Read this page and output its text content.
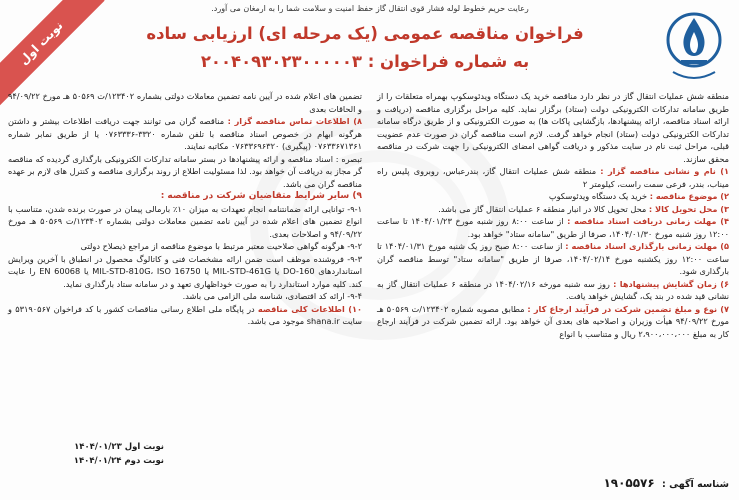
رعایت حریم خطوط لوله فشار قوی انتقال گاز حفظ امنیت و سلامت شما را به ارمغان می آورد.
نوبت اول	فراخوان مناقصه عمومی (یک مرحله ای) ارزیابی ساده
به شماره فراخوان : ۲۰۰۴۰۹۳۰۲۳۰۰۰۰۰۳
منطقه شش عملیات انتقال گاز در نظر دارد مناقصه خرید یک دستگاه ویدئوسکوپ بهمراه متعلقات را از طریق سامانه تدارکات الکترونیکی دولت (ستاد) برگزار نماید. کلیه مراحل برگزاری مناقصه (دریافت و ارائه اسناد مناقصه، ارائه پیشنهادها، بازگشایی پاکات ها) به صورت الکترونیکی و از طریق درگاه سامانه تدارکات الکترونیکی دولت (ستاد) انجام خواهد گرفت. لازم است مناقصه گران در صورت عدم عضویت قبلی، مراحل ثبت نام در سایت مذکور و دریافت گواهی امضای الکترونیکی را جهت شرکت در مناقصه محقق سازند.
۱) نام و نشانی مناقصه گزار : منطقه شش عملیات انتقال گاز، بندرعباس، روبروی پلیس راه میناب، بندر، فرعی سمت راست، کیلومتر ۲
۲) موضوع مناقصه : خرید یک دستگاه ویدئوسکوپ
۳) محل تحویل کالا : محل تحویل کالا در انبار منطقه ۶ عملیات انتقال گاز می باشد.
۴) مهلت زمانی دریافت اسناد مناقصه : از ساعت ۸:۰۰ روز شنبه مورخ ۱۴۰۴/۰۱/۲۳ تا ساعت ۱۲:۰۰ روز شنبه مورخ ۱۴۰۴/۰۱/۳۰، صرفا از طریق "سامانه ستاد" خواهد بود.
۵) مهلت زمانی بارگذاری اسناد مناقصه : از ساعت ۸:۰۰ صبح روز یک شنبه مورخ ۱۴۰۴/۰۱/۳۱ تا ساعت ۱۲:۰۰ روز یکشنبه مورخ ۱۴۰۴/۰۲/۱۴، صرفا از طریق "سامانه ستاد" توسط مناقصه گران بارگذاری شود.
۶) زمان گشایش پیشنهادها : روز سه شنبه مورخه ۱۴۰۴/۰۲/۱۶ در منطقه ۶ عملیات انتقال گاز به نشانی قید شده در بند یک، گشایش خواهد یافت.
۷) نوع و مبلغ تضمین شرکت در فرآیند ارجاع کار : مطابق مصوبه شماره ۱۲۳۴۰۲/ت ۵۰۵۶۹ هـ مورخ ۹۴/۰۹/۲۲ هیأت وزیران و اصلاحیه های بعدی آن خواهد بود. ارائه تضمین شرکت در فرآیند ارجاع کار به مبلغ ۲،۹۰۰،۰۰۰،۰۰۰ ریال و متناسب با انواع
تضمین های اعلام شده در آیین نامه تضمین معاملات دولتی بشماره ۱۲۳۴۰۲/ت ۵۰۵۶۹ هـ مورخ ۹۴/۰۹/۲۲ و الحاقات بعدی
۸) اطلاعات تماس مناقصه گزار : مناقصه گران می توانند جهت دریافت اطلاعات بیشتر و داشتن هرگونه ابهام در خصوص اسناد مناقصه با تلفن شماره ۳۳۲۰-۰۷۶۳۳۳۶ یا از طریق نمابر شماره ۰۷۶۳۳۶۷۱۳۶۱ (پیگیری) ۰۷۶۳۳۶۹۶۳۲۰ مکاتبه نمایند.
تبصره : اسناد مناقصه و ارائه پیشنهادها در بستر سامانه تدارکات الکترونیکی بارگذاری گردیده که مناقصه گر مجاز به دریافت آن خواهد بود. لذا مسئولیت اطلاع از روند برگزاری مناقصه و کنترل های لازم بر عهده مناقصه گران می باشد.
۹) سایر شرایط متقاضیان شرکت در مناقصه :
۹-۱- توانایی ارائه ضمانتنامه انجام تعهدات به میزان ۱۰٪ بارمالی پیمان در صورت برنده شدن، متناسب با انواع تضمین های اعلام شده در آیین نامه تضمین معاملات دولتی بشماره ۱۲۳۴۰۲/ت ۵۰۵۶۹ هـ مورخ ۹۴/۰۹/۲۲ و اصلاحات بعدی.
۹-۲- هرگونه گواهی صلاحیت معتبر مرتبط با موضوع مناقصه از مراجع ذیصلاح دولتی
۹-۳- فروشنده موظف است ضمن ارائه مشخصات فنی و کاتالوگ محصول در انطباق با آخرین ویرایش استانداردهای DO-160 یا MIL-STD-461G یا MIL-STD-810G، ISO 16750 یا EN 60068 را عایت کند. کلیه موارد استاندارد را به صورت خوداظهاری تعهد و در سامانه ستاد بارگذاری نماید.
۹-۴- ارائه کد اقتصادی، شناسه ملی الزامی می باشد.
۱۰) اطلاعات کلی مناقصه در پایگاه ملی اطلاع رسانی مناقصات کشور با کد فراخوان ۵۳۱۹۰۵۶۷ و سایت shana.ir موجود می باشد.
نوبت اول ۱۴۰۴/۰۱/۲۳
نوبت دوم ۱۴۰۴/۰۱/۲۴
شناسه آگهی : ۱۹۰۵۵۷۶
